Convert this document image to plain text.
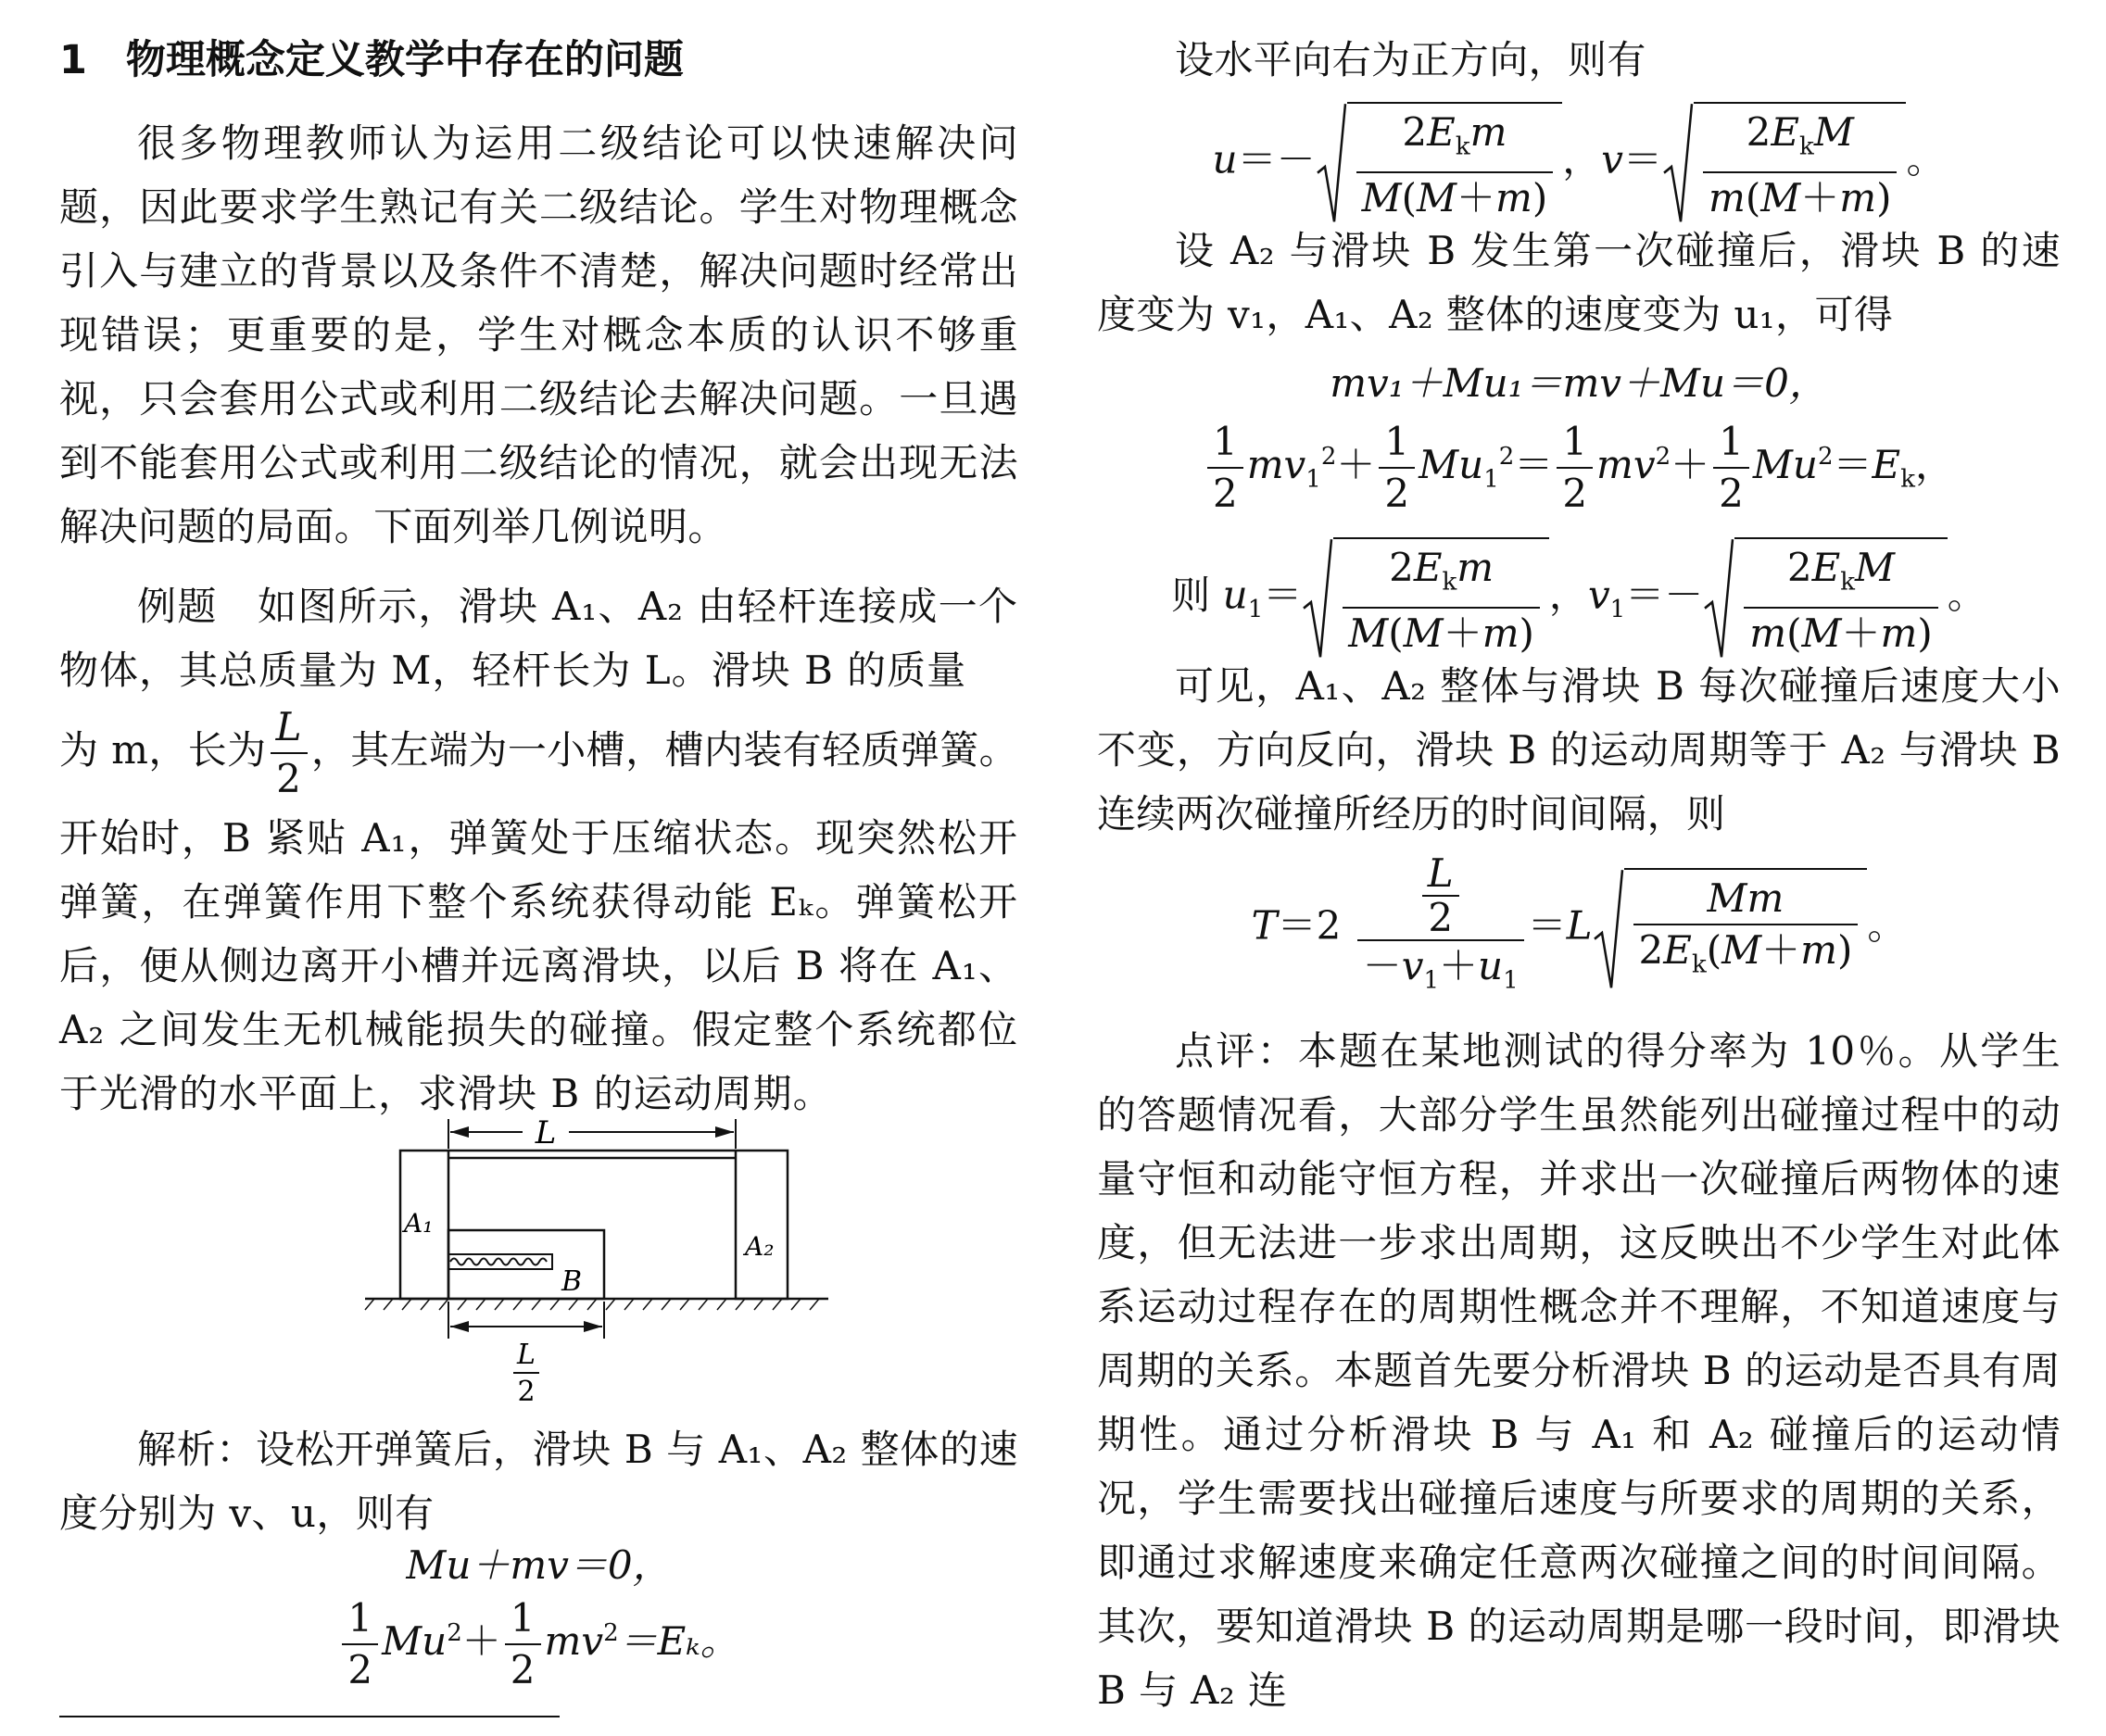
1 物理概念定义教学中存在的问题

很多物理教师认为运用二级结论可以快速解决问题，因此要求学生熟记有关二级结论。学生对物理概念引入与建立的背景以及条件不清楚，解决问题时经常出现错误；更重要的是，学生对概念本质的认识不够重视，只会套用公式或利用二级结论去解决问题。一旦遇到不能套用公式或利用二级结论的情况，就会出现无法解决问题的局面。下面列举几例说明。

例题　 如图所示，滑块 A₁、A₂ 由轻杆连接成一个物体，其总质量为 M，轻杆长为 L。滑块 B 的质量

为 m，长为 $\frac{L}{2}$ ，其左端为一小槽，槽内装有轻质弹簧。

开始时，B 紧贴 A₁，弹簧处于压缩状态。现突然松开弹簧，在弹簧作用下整个系统获得动能 Eₖ。弹簧松开后，便从侧边离开小槽并远离滑块，以后 B 将在 A₁、A₂ 之间发生无机械能损失的碰撞。假定整个系统都位于光滑的水平面上，求滑块 B 的运动周期。

L
A₁
A₂
B
L
2

解析：设松开弹簧后，滑块 B 与 A₁、A₂ 整体的速度分别为 v、u，则有

Mu＋mv＝0，
$\frac{1}{2} Mu^2+ \frac{1}{2} mv^2=E_k$。

设水平向右为正方向，则有

u＝－
$2E_km$
M(M＋m)
，v＝
$2E_kM$
m(M＋m)
。

设 A₂ 与滑块 B 发生第一次碰撞后，滑块 B 的速度变为 v₁，A₁、A₂ 整体的速度变为 u₁，可得

mv₁＋Mu₁＝mv＋Mu＝0，
$\frac{1}{2} mv_1^2+ \frac{1}{2} Mu_1^2= \frac{1}{2} mv^2+ \frac{1}{2} Mu^2=E_k$，
则 $u_1=$
$2E_km$
M(M＋m)
，$v_1=-$
$2E_kM$
m(M＋m)
。

可见，A₁、A₂ 整体与滑块 B 每次碰撞后速度大小不变，方向反向，滑块 B 的运动周期等于 A₂ 与滑块 B 连续两次碰撞所经历的时间间隔，则

$T=2 \frac{\frac{L}{2}}{-v_1+u_1} =L \frac{Mm}{2E_k(M+m)}$ 。

点评：本题在某地测试的得分率为 10％。从学生的答题情况看，大部分学生虽然能列出碰撞过程中的动量守恒和动能守恒方程，并求出一次碰撞后两物体的速度，但无法进一步求出周期，这反映出不少学生对此体系运动过程存在的周期性概念并不理解，不知道速度与周期的关系。本题首先要分析滑块 B 的运动是否具有周期性。通过分析滑块 B 与 A₁ 和 A₂ 碰撞后的运动情况，学生需要找出碰撞后速度与所要求的周期的关系，即通过求解速度来确定任意两次碰撞之间的时间间隔。其次，要知道滑块 B 的运动周期是哪一段时间，即滑块 B 与 A₂ 连
